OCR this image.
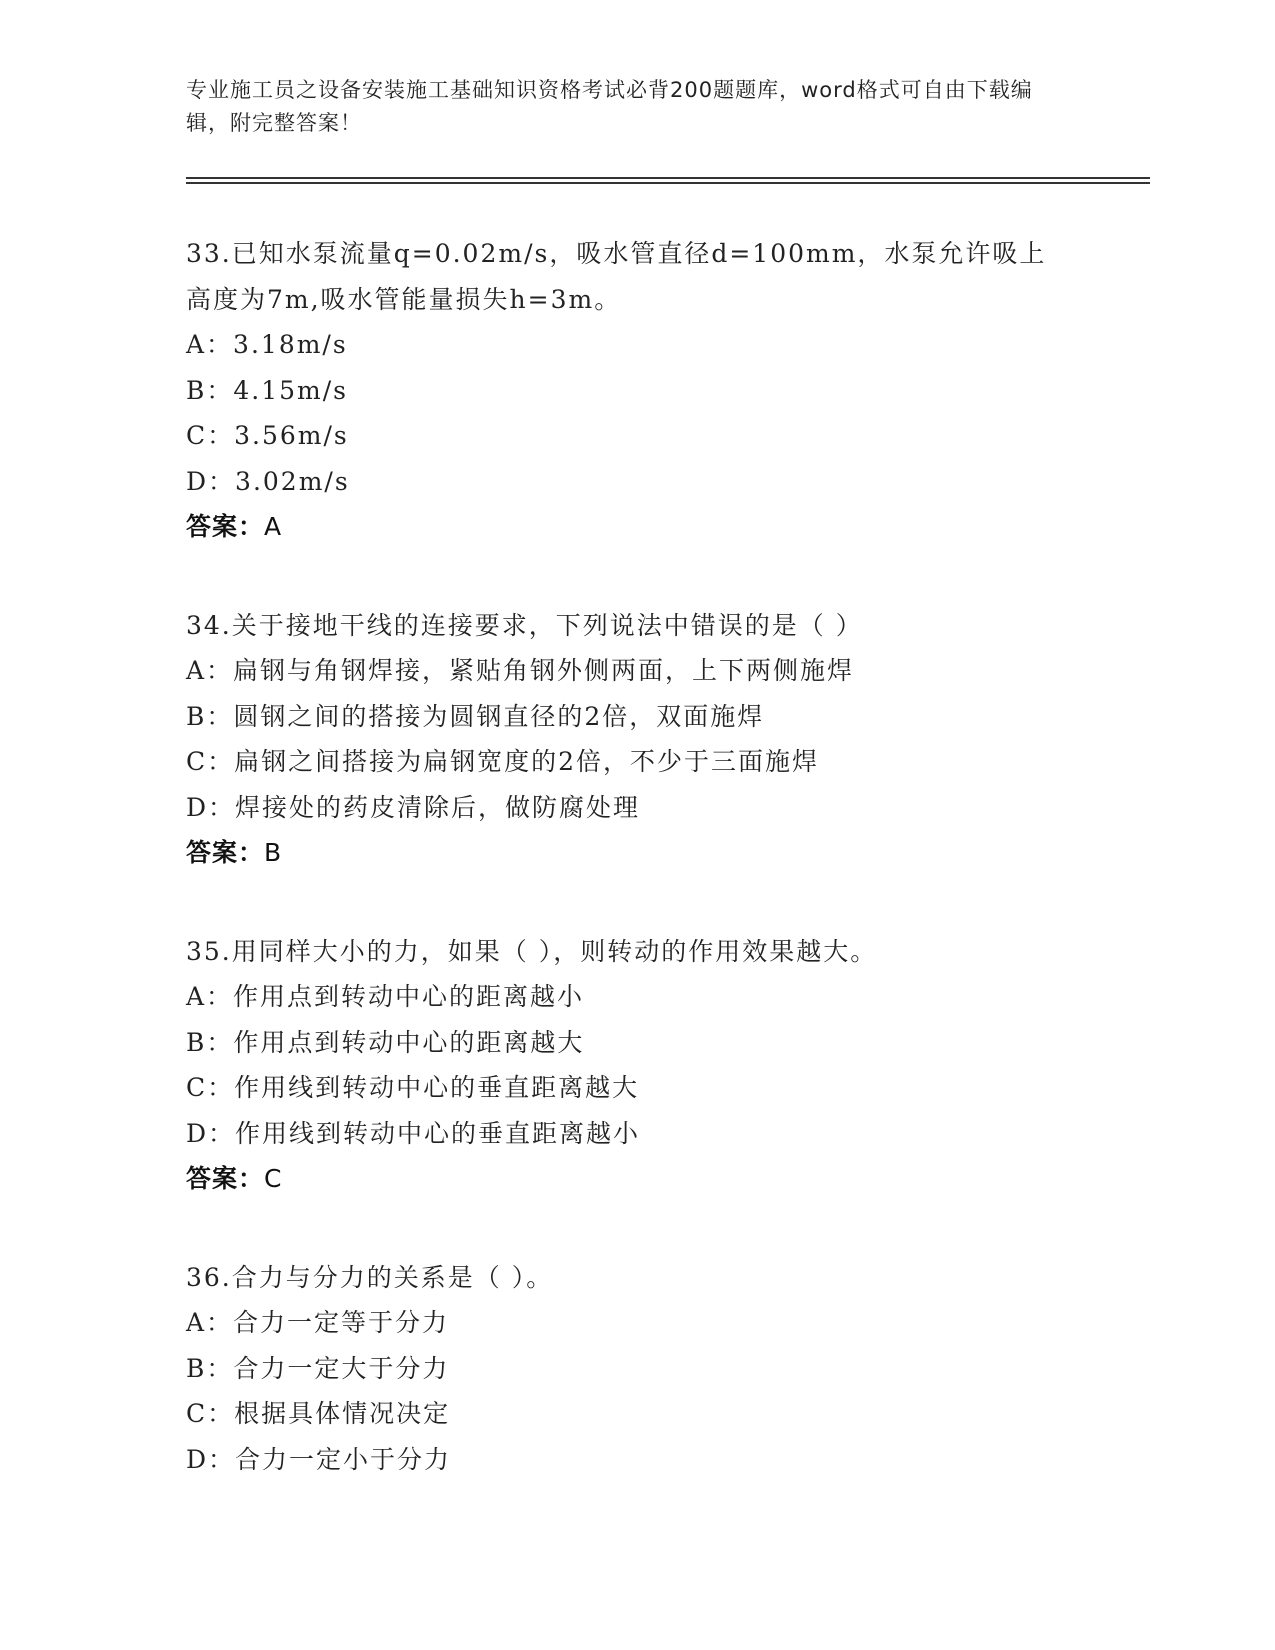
专业施工员之设备安装施工基础知识资格考试必背200题题库，word格式可自由下载编辑，附完整答案！
33.已知水泵流量q=0.02m/s，吸水管直径d=100mm，水泵允许吸上高度为7m,吸水管能量损失h=3m。
A：3.18m/s
B：4.15m/s
C：3.56m/s
D：3.02m/s
答案：A
34.关于接地干线的连接要求，下列说法中错误的是（ ）
A：扁钢与角钢焊接，紧贴角钢外侧两面，上下两侧施焊
B：圆钢之间的搭接为圆钢直径的2倍，双面施焊
C：扁钢之间搭接为扁钢宽度的2倍，不少于三面施焊
D：焊接处的药皮清除后，做防腐处理
答案：B
35.用同样大小的力，如果（ ），则转动的作用效果越大。
A：作用点到转动中心的距离越小
B：作用点到转动中心的距离越大
C：作用线到转动中心的垂直距离越大
D：作用线到转动中心的垂直距离越小
答案：C
36.合力与分力的关系是（ ）。
A：合力一定等于分力
B：合力一定大于分力
C：根据具体情况决定
D：合力一定小于分力
